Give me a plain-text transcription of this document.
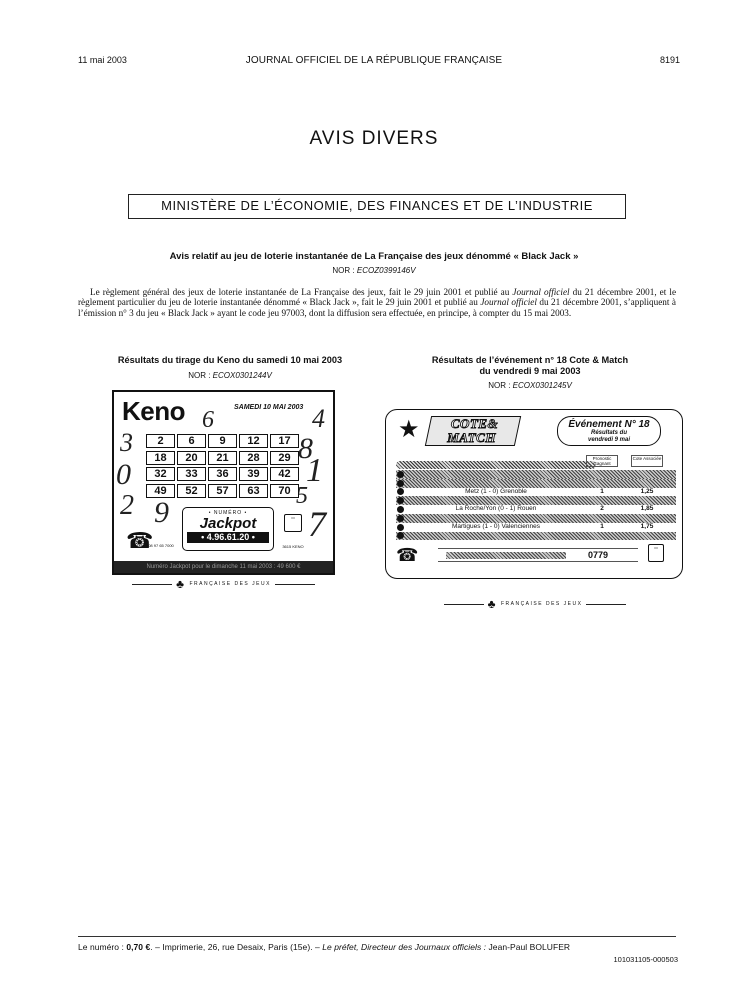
11 mai 2003	JOURNAL OFFICIEL DE LA RÉPUBLIQUE FRANÇAISE	8191
AVIS DIVERS
MINISTÈRE DE L’ÉCONOMIE, DES FINANCES ET DE L’INDUSTRIE
Avis relatif au jeu de loterie instantanée de La Française des jeux dénommé « Black Jack »
NOR : ECOZ0399146V

Le règlement général des jeux de loterie instantanée de La Française des jeux, fait le 29 juin 2001 et publié au Journal officiel du 21 décembre 2001, et le règlement particulier du jeu de loterie instantanée dénommé « Black Jack », fait le 29 juin 2001 et publié au Journal officiel du 21 décembre 2001, s’appliquent à l’émission n° 3 du jeu « Black Jack » ayant le code jeu 97003, dont la diffusion sera effectuée, en principe, à compter du 15 mai 2003.

Résultats du tirage du Keno du samedi 10 mai 2003
NOR : ECOX0301244V
Keno	SAMEDI 10 MAI 2003
6	4
3	8
0	1
5
2 9	7
2	6	9	12	17
18	20	21	28	29
32	33	36	39	42
49	52	57	63	70
☎
08 97 65 7000
• NUMÉRO •
Jackpot
• 4.96.61.20 •
▭
3615 KENO
Numéro Jackpot pour le dimanche 11 mai 2003 : 49 600 €
♣ FRANÇAISE DES JEUX
Résultats de l’événement n° 18 Cote & Match
du vendredi 9 mai 2003
NOR : ECOX0301245V
★	COTE&
MATCH
Événement N° 18
Résultats du
vendredi 9 mai
Pronostic Gagnant
Cote Associée
Metz (1 - 0) Grenoble	1	1,25
La Roche/Yon (0 - 1) Rouen	2	1,85
Martigues (1 - 0) Valenciennes	1	1,75
☎	0779
▭
♣ FRANÇAISE DES JEUX
Le numéro : 0,70 €. – Imprimerie, 26, rue Desaix, Paris (15e). – Le préfet, Directeur des Journaux officiels : Jean-Paul BOLUFER
101031105-000503
